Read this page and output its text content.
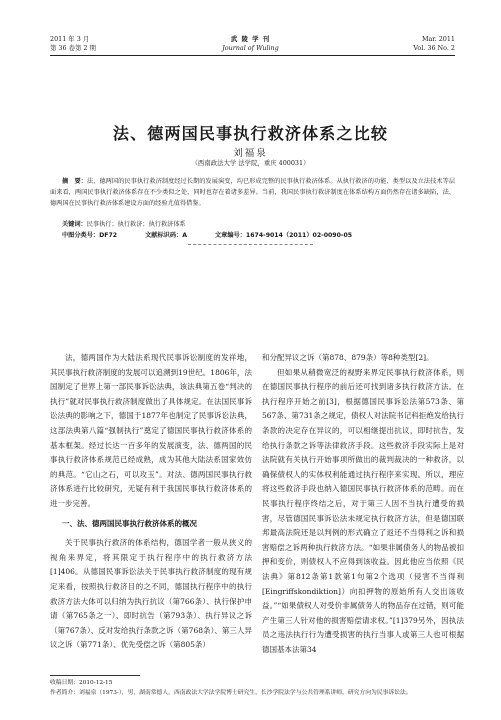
2011 年 3 月
第 36 卷第 2 期
武 陵 学 刊
Journal of Wuling
Mar. 2011
Vol. 36 No. 2
法、德两国民事执行救济体系之比较
刘福泉
（西南政法大学 法学院，重庆 400031）
摘　要：法、德两国的民事执行救济制度经过长期的发展演变，均已形成完整的民事执行救济体系。从执行救济的功能、类型以及立法技术等层面来看，两国民事执行救济体系存在不少类似之处，同时也存在着诸多差异。当前，我国民事执行救济制度在体系结构方面仍然存在诸多缺陷，法、德两国在民事执行救济体系建设方面的经验尤值得借鉴。
关键词：民事执行；执行救济；执行救济体系
中图分类号：DF72	文献标识码：A	文章编号：1674-9014（2011）02-0090-05

法，德两国作为大陆法系现代民事诉讼制度的发祥地，其民事执行救济制度的发展可以追溯到19世纪。1806年，法国制定了世界上第一部民事诉讼法典，该法典第五卷“判决的执行”就对民事执行救济制度做出了具体规定。在法国民事诉讼法典的影响之下，德国于1877年也制定了民事诉讼法典，这部法典第八篇“强制执行”奠定了德国民事执行救济体系的基本框架。经过长达一百多年的发展演变，法、德两国的民事执行救济体系规范已经成熟，成为其他大陆法系国家效仿的典范。“它山之石，可以攻玉”。对法、德两国民事执行救济体系进行比较研究，无疑有利于我国民事执行救济体系的进一步完善。

一、法、德两国民事执行救济体系的概况

关于民事执行救济的体系结构，德国学者一般从狭义的视角来界定，将其限定于执行程序中的执行救济方法[1]406。从德国民事诉讼法关于民事执行救济制度的现有规定来看，按照执行救济目的之不同，德国执行程序中的执行救济方法大体可以归纳为执行抗议（第766条）、执行保护申请（第765条之一）、即时抗告（第793条）、执行异议之诉（第767条）、反对发给执行条款之诉（第768条）、第三人异议之诉（第771条）、优先受偿之诉（第805条）

和分配异议之诉（第878、879条）等8种类型[2]。

但如果从稍微宽泛的视野来界定民事执行救济体系，则在德国民事执行程序的前后还可找到诸多执行救济方法。在执行程序开始之前[3]，根据德国民事诉讼法第573条、第567条、第731条之规定，债权人对法院书记科拒绝发给执行条款的决定存在异议的，可以相继提出抗议，即时抗告，发给执行条款之诉等法律救济手段。这些救济手段实际上是对法院就有关执行开始事项所做出的裁判裁决的一种救济，以确保债权人的实体权利能通过执行程序来实现。所以，理应将这些救济手段也纳入德国民事执行救济体系的范畴。而在民事执行程序终结之后，对于第三人因不当执行遭受的损害，尽管德国民事诉讼法未规定执行救济方法，但是德国联邦最高法院还是以判例的形式确立了返还不当得利之诉和损害赔偿之诉两种执行救济方法。“如果非属债务人的物品被扣押和变价，则债权人不应得到该收益。因此他应当依照《民法典》第812条第1款第1句第2个选项（侵害不当得利[Eingriffskondiktion]）向扣押物的原始所有人交出该收益。”“如果债权人对受价非属债务人的物品存在过错，则可能产生第三人针对他的损害赔偿请求权。”[1]379另外，因执法员之违法执行行为遭受损害的执行当事人或第三人也可根据德国基本法第34

收稿日期：2010-12-15
作者简介：刘福泉（1973-），男，湖南常德人，西南政法大学法学院博士研究生，长沙学院法学与公共管理系讲师，研究方向为民事诉讼法。
